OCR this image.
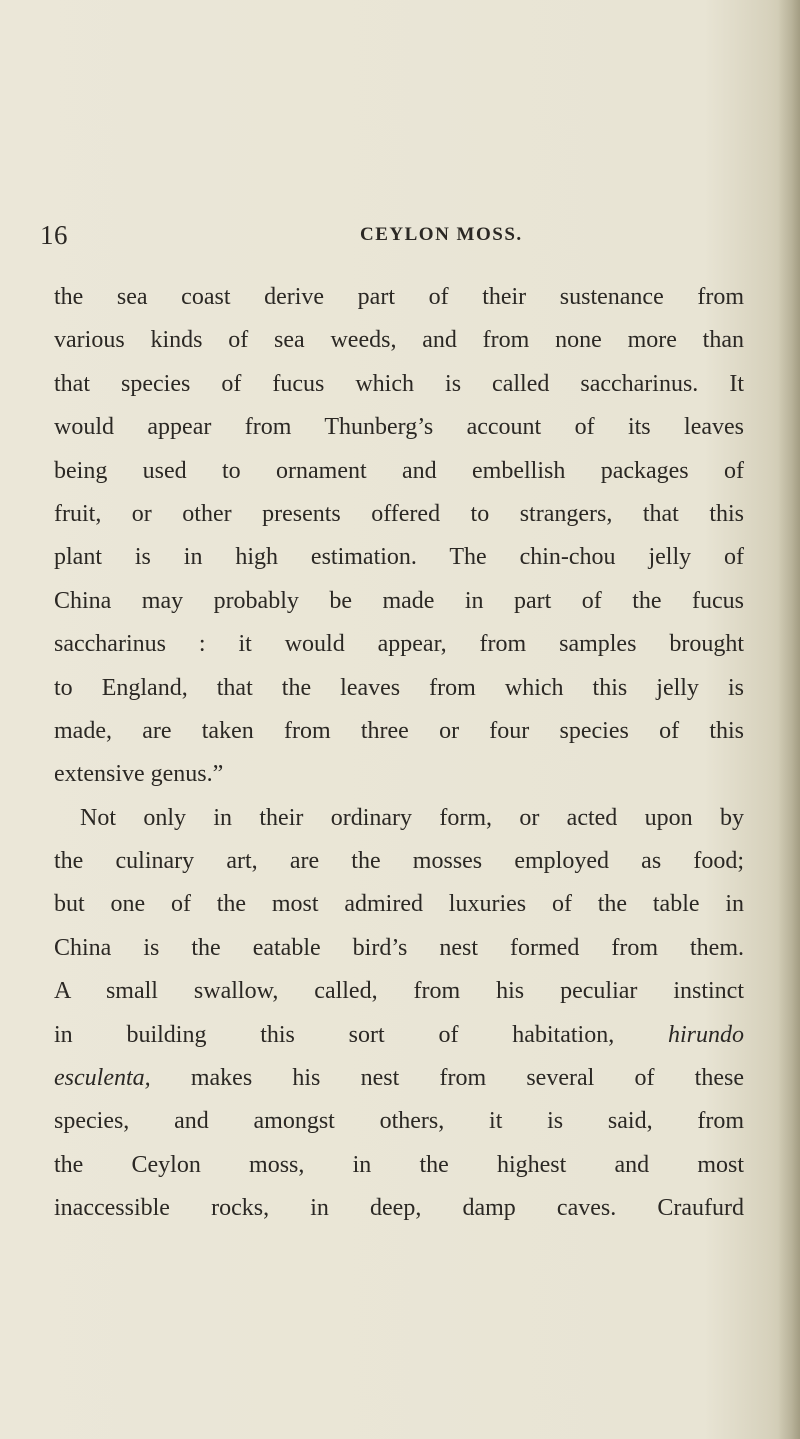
16	CEYLON MOSS.
the sea coast derive part of their sustenance from
various kinds of sea weeds, and from none more than
that species of fucus which is called saccharinus. It
would appear from Thunberg’s account of its leaves
being used to ornament and embellish packages of
fruit, or other presents offered to strangers, that this
plant is in high estimation. The chin-chou jelly of
China may probably be made in part of the fucus
saccharinus : it would appear, from samples brought
to England, that the leaves from which this jelly is
made, are taken from three or four species of this
extensive genus.”
Not only in their ordinary form, or acted upon by
the culinary art, are the mosses employed as food;
but one of the most admired luxuries of the table in
China is the eatable bird’s nest formed from them.
A small swallow, called, from his peculiar instinct
in building this sort of habitation, hirundo
esculenta, makes his nest from several of these
species, and amongst others, it is said, from
the Ceylon moss, in the highest and most
inaccessible rocks, in deep, damp caves. Craufurd
